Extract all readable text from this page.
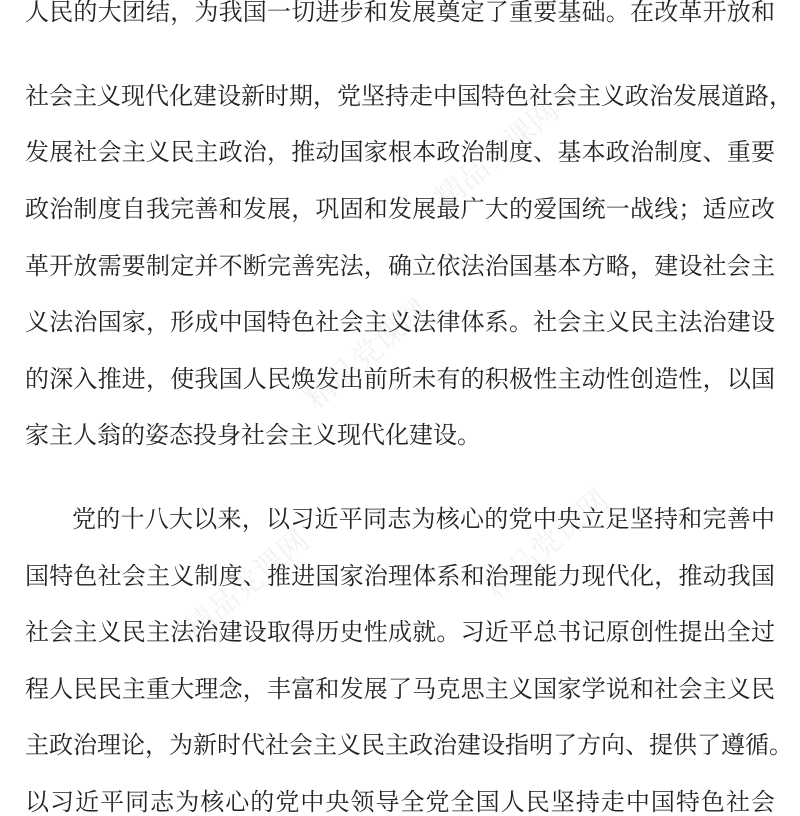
精品党课网
精品党课网
精品党课网
精品党课网
人民的大团结，为我国一切进步和发展奠定了重要基础。在改革开放和
社会主义现代化建设新时期，党坚持走中国特色社会主义政治发展道路，
发展社会主义民主政治，推动国家根本政治制度、基本政治制度、重要
政治制度自我完善和发展，巩固和发展最广大的爱国统一战线；适应改
革开放需要制定并不断完善宪法，确立依法治国基本方略，建设社会主
义法治国家，形成中国特色社会主义法律体系。社会主义民主法治建设
的深入推进，使我国人民焕发出前所未有的积极性主动性创造性，以国
家主人翁的姿态投身社会主义现代化建设。
党的十八大以来，以习近平同志为核心的党中央立足坚持和完善中
国特色社会主义制度、推进国家治理体系和治理能力现代化，推动我国
社会主义民主法治建设取得历史性成就。习近平总书记原创性提出全过
程人民民主重大理念，丰富和发展了马克思主义国家学说和社会主义民
主政治理论，为新时代社会主义民主政治建设指明了方向、提供了遵循。
以习近平同志为核心的党中央领导全党全国人民坚持走中国特色社会
